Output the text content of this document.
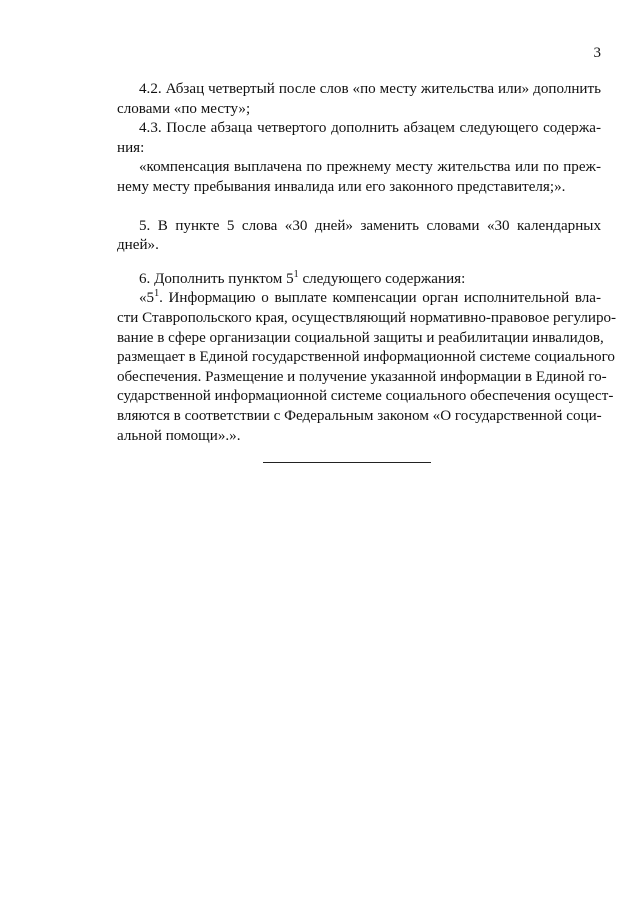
3

4.2. Абзац четвертый после слов «по месту жительства или» дополнить
словами «по месту»;

4.3. После абзаца четвертого дополнить абзацем следующего содержа-
ния:

«компенсация выплачена по прежнему месту жительства или по преж-
нему месту пребывания инвалида или его законного представителя;».

5. В пункте 5 слова «30 дней» заменить словами «30 календарных
дней».

6. Дополнить пунктом $5^1$ следующего содержания:

«$5^1$. Информацию о выплате компенсации орган исполнительной вла-
сти Ставропольского края, осуществляющий нормативно-правовое регулиро-
вание в сфере организации социальной защиты и реабилитации инвалидов,
размещает в Единой государственной информационной системе социального
обеспечения. Размещение и получение указанной информации в Единой го-
сударственной информационной системе социального обеспечения осущест-
вляются в соответствии с Федеральным законом «О государственной соци-
альной помощи».».
